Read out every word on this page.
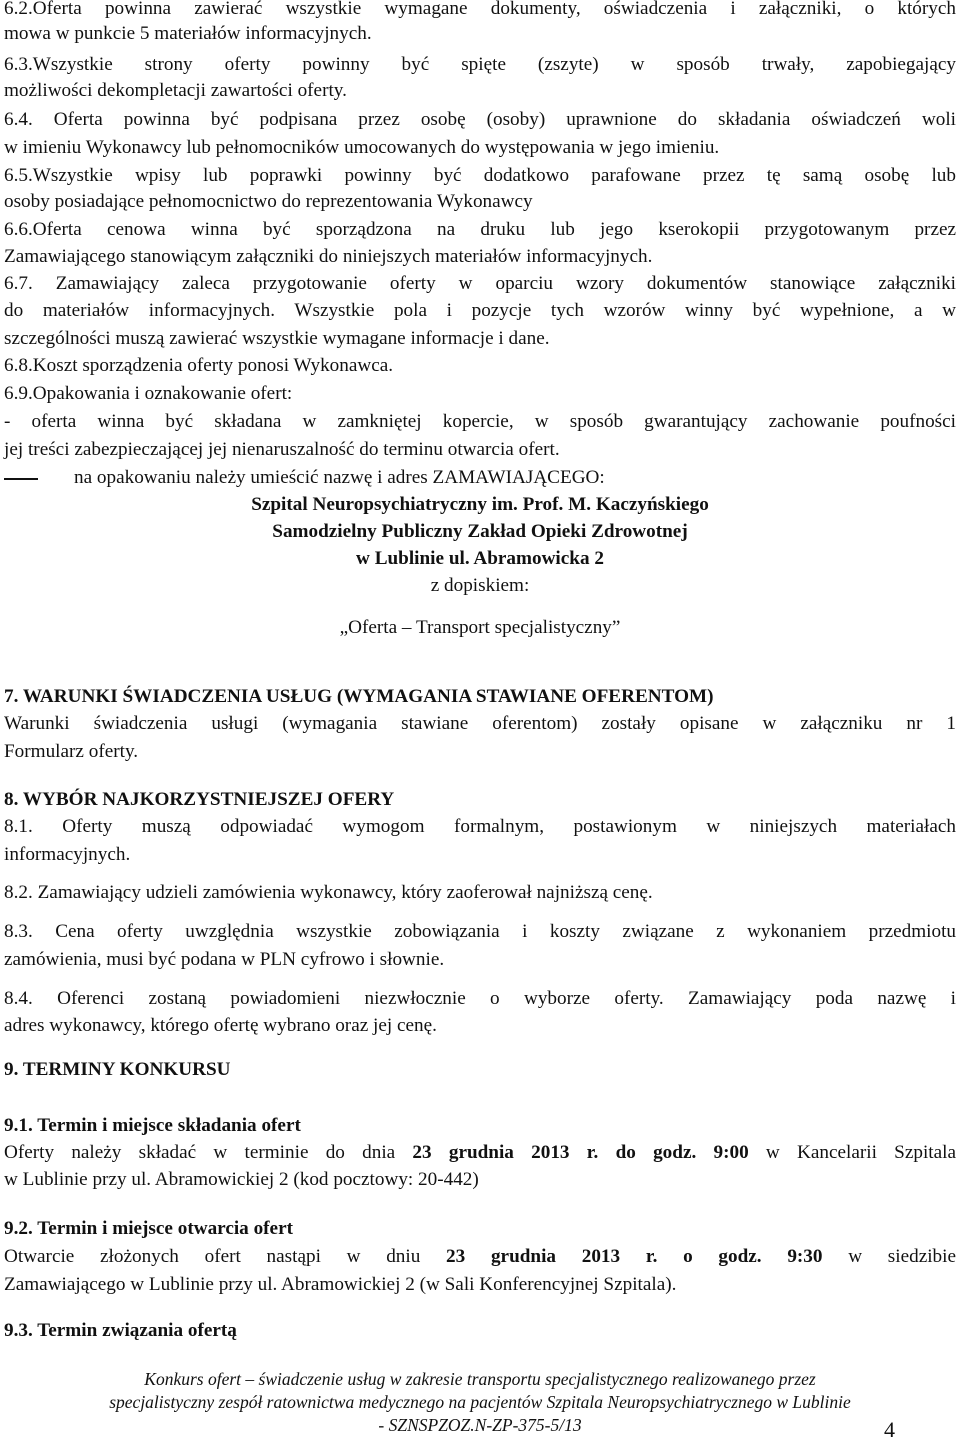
6.2.Oferta powinna zawierać wszystkie wymagane dokumenty, oświadczenia i załączniki, o których
mowa w punkcie 5 materiałów informacyjnych.
6.3.Wszystkie strony oferty powinny być spięte (zszyte) w sposób trwały, zapobiegający
możliwości dekompletacji zawartości oferty.
6.4. Oferta powinna być podpisana przez osobę (osoby) uprawnione do składania oświadczeń woli
w imieniu Wykonawcy lub pełnomocników umocowanych do występowania w jego imieniu.
6.5.Wszystkie wpisy lub poprawki powinny być dodatkowo parafowane przez tę samą osobę lub
osoby posiadające pełnomocnictwo do reprezentowania Wykonawcy
6.6.Oferta cenowa winna być sporządzona na druku lub jego kserokopii przygotowanym przez
Zamawiającego stanowiącym załączniki do niniejszych materiałów informacyjnych.
6.7. Zamawiający zaleca przygotowanie oferty w oparciu wzory dokumentów stanowiące załączniki
do materiałów informacyjnych. Wszystkie pola i pozycje tych wzorów winny być wypełnione, a w
szczególności muszą zawierać wszystkie wymagane informacje i dane.
6.8.Koszt sporządzenia oferty ponosi Wykonawca.
6.9.Opakowania i oznakowanie ofert:
- oferta winna być składana w zamkniętej kopercie, w sposób gwarantujący zachowanie poufności
jej treści zabezpieczającej jej nienaruszalność do terminu otwarcia ofert.
na opakowaniu należy umieścić nazwę i adres ZAMAWIAJĄCEGO:
Szpital Neuropsychiatryczny im. Prof. M. Kaczyńskiego
Samodzielny Publiczny Zakład Opieki Zdrowotnej
w Lublinie ul. Abramowicka 2
z dopiskiem:
„Oferta – Transport specjalistyczny”
7. WARUNKI ŚWIADCZENIA USŁUG (WYMAGANIA STAWIANE OFERENTOM)
Warunki świadczenia usługi (wymagania stawiane oferentom) zostały opisane w załączniku nr 1
Formularz oferty.
8. WYBÓR NAJKORZYSTNIEJSZEJ OFERY
8.1. Oferty muszą odpowiadać wymogom formalnym, postawionym w niniejszych materiałach
informacyjnych.
8.2. Zamawiający udzieli zamówienia wykonawcy, który zaoferował najniższą cenę.
8.3. Cena oferty uwzględnia wszystkie zobowiązania i koszty związane z wykonaniem przedmiotu
zamówienia, musi być podana w PLN cyfrowo i słownie.
8.4. Oferenci zostaną powiadomieni niezwłocznie o wyborze oferty. Zamawiający poda nazwę i
adres wykonawcy, którego ofertę wybrano oraz jej cenę.
9. TERMINY KONKURSU
9.1. Termin i miejsce składania ofert
Oferty należy składać w terminie do dnia 23 grudnia 2013 r. do godz. 9:00 w Kancelarii Szpitala
w Lublinie przy ul. Abramowickiej 2 (kod pocztowy: 20-442)
9.2. Termin i miejsce otwarcia ofert
Otwarcie złożonych ofert nastąpi w dniu 23 grudnia 2013 r. o godz. 9:30 w siedzibie
Zamawiającego w Lublinie przy ul. Abramowickiej 2 (w Sali Konferencyjnej Szpitala).
9.3. Termin związania ofertą
Konkurs ofert – świadczenie usług w zakresie transportu specjalistycznego realizowanego przez
specjalistyczny zespół ratownictwa medycznego na pacjentów Szpitala Neuropsychiatrycznego w Lublinie
- SZNSPZOZ.N-ZP-375-5/13	4
